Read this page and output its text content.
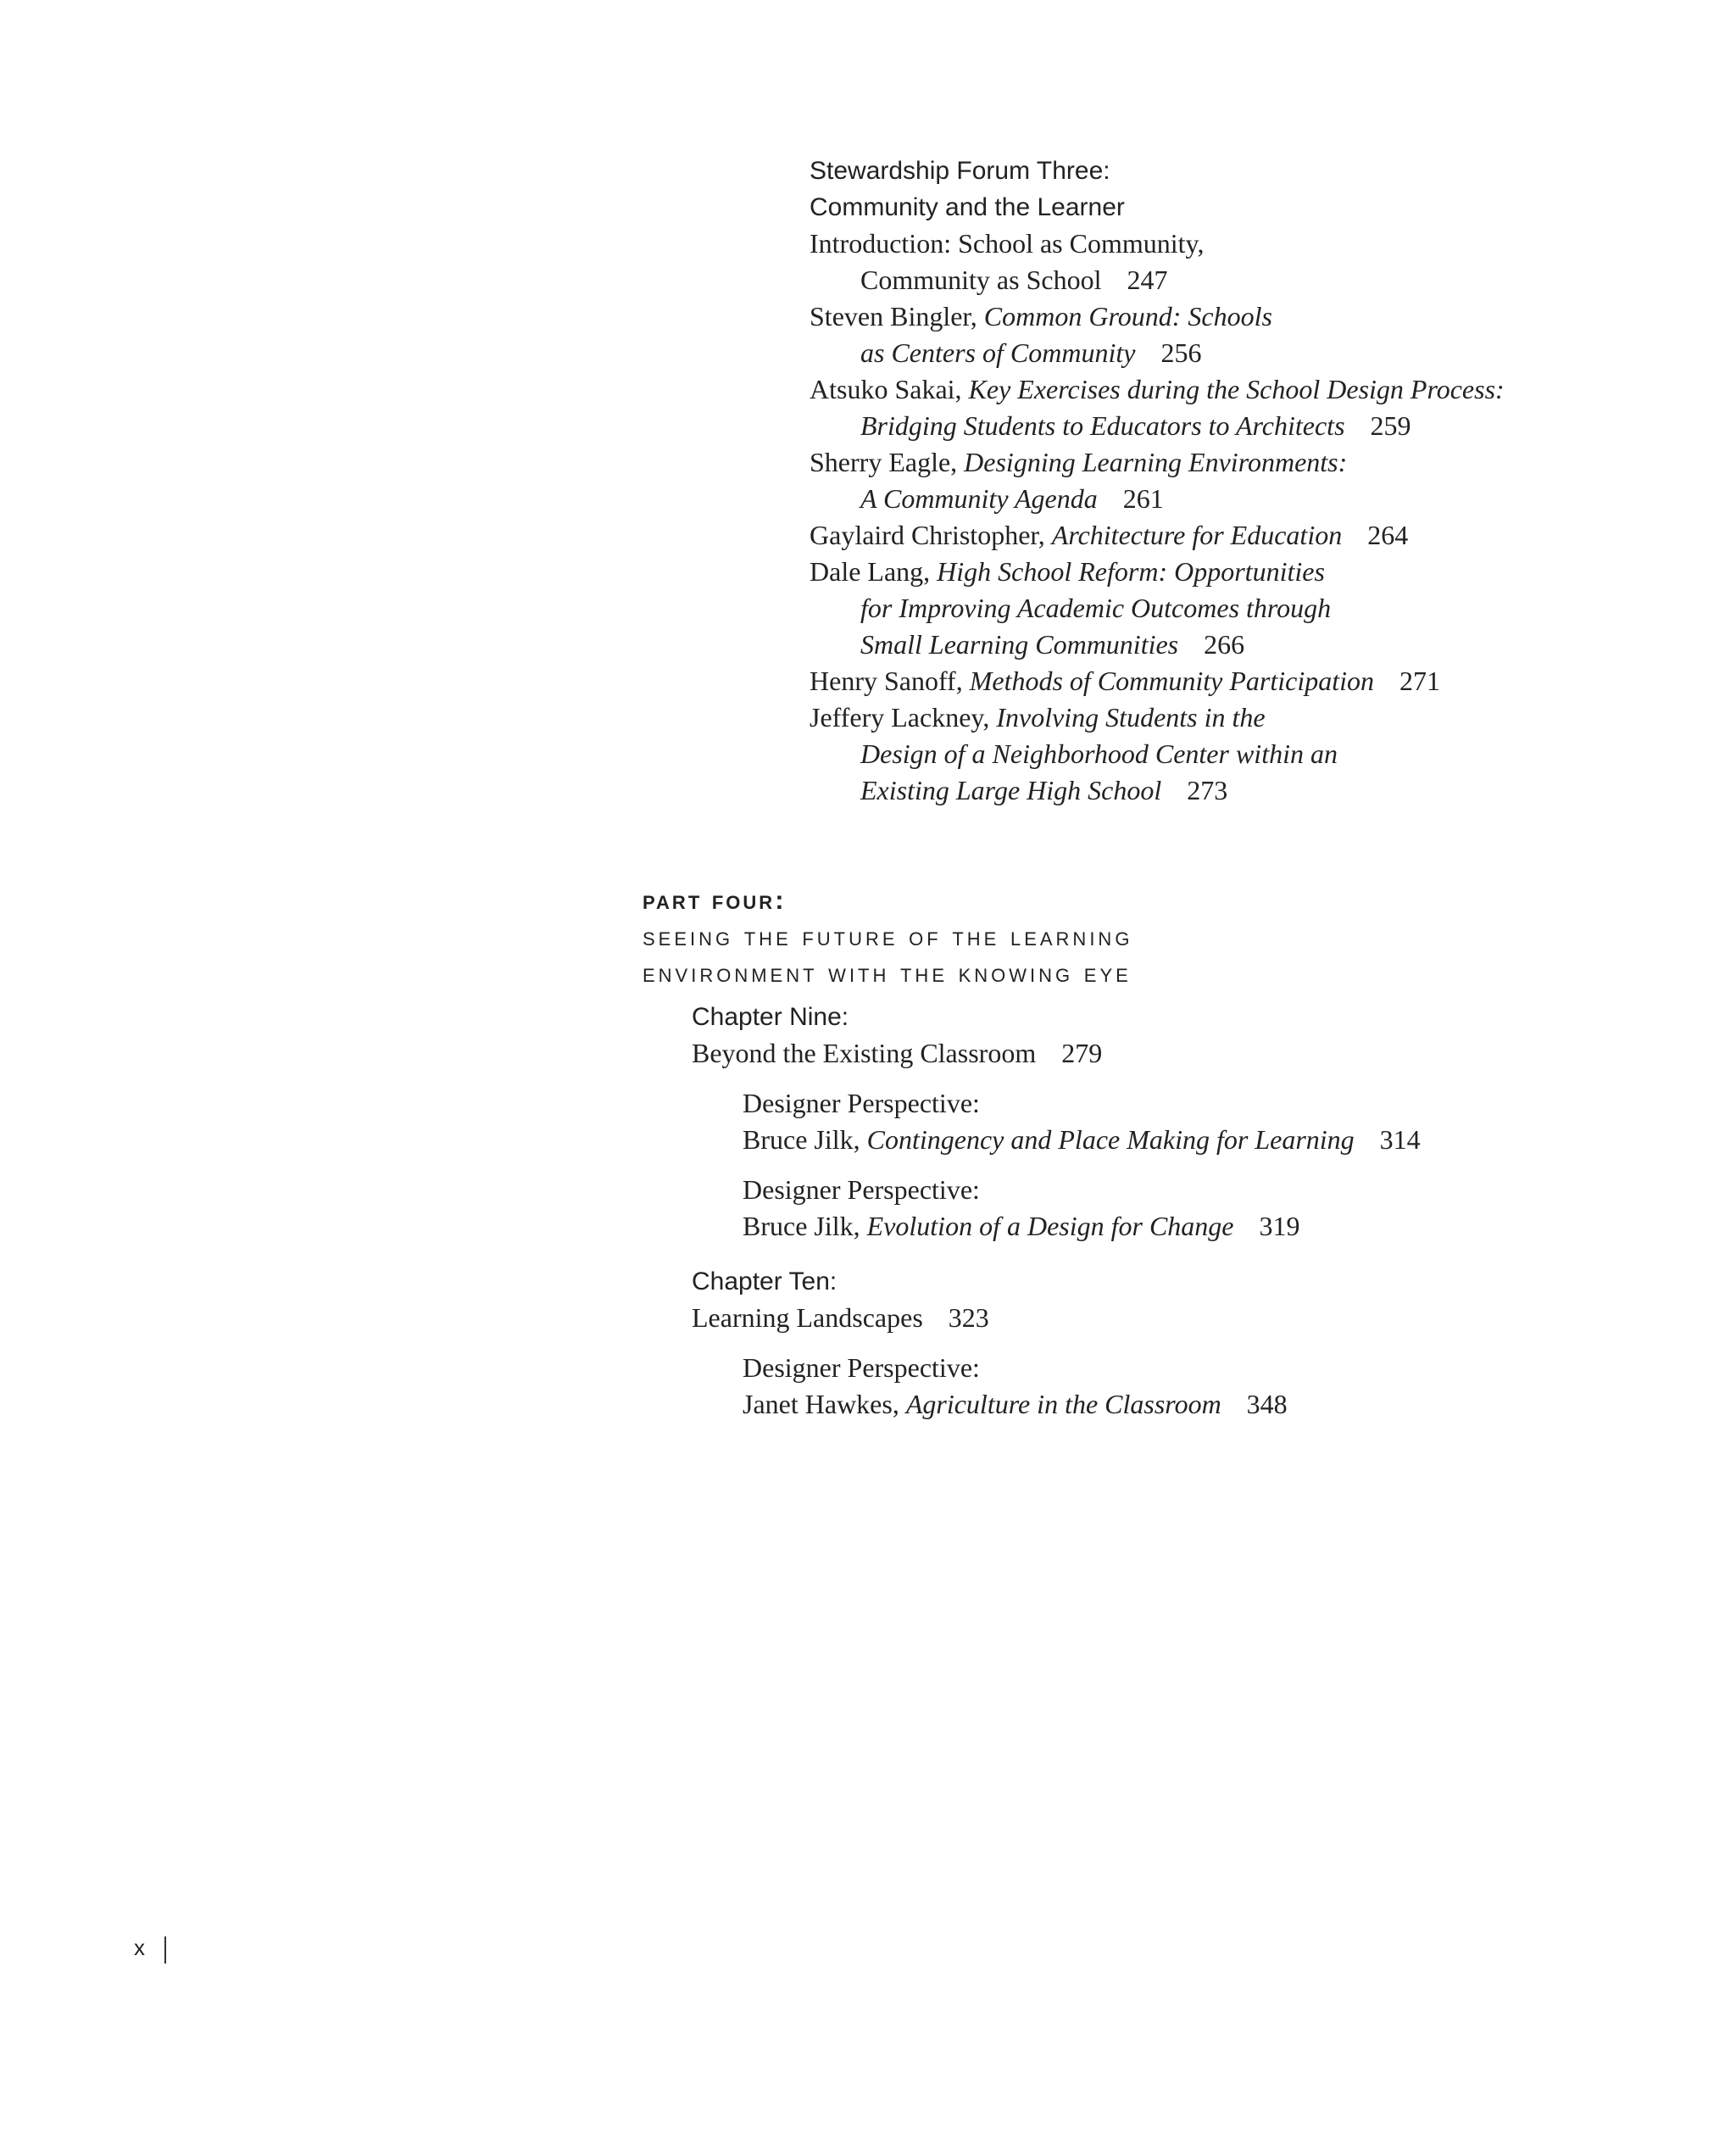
Stewardship Forum Three:
Community and the Learner
Introduction: School as Community,
Community as School 247
Steven Bingler, Common Ground: Schools
as Centers of Community 256
Atsuko Sakai, Key Exercises during the School Design Process:
Bridging Students to Educators to Architects 259
Sherry Eagle, Designing Learning Environments:
A Community Agenda 261
Gaylaird Christopher, Architecture for Education 264
Dale Lang, High School Reform: Opportunities
for Improving Academic Outcomes through
Small Learning Communities 266
Henry Sanoff, Methods of Community Participation 271
Jeffery Lackney, Involving Students in the
Design of a Neighborhood Center within an
Existing Large High School 273
part four:
seeing the future of the learning
environment with the knowing eye
Chapter Nine:
Beyond the Existing Classroom 279
Designer Perspective:
Bruce Jilk, Contingency and Place Making for Learning 314
Designer Perspective:
Bruce Jilk, Evolution of a Design for Change 319
Chapter Ten:
Learning Landscapes 323
Designer Perspective:
Janet Hawkes, Agriculture in the Classroom 348
x
